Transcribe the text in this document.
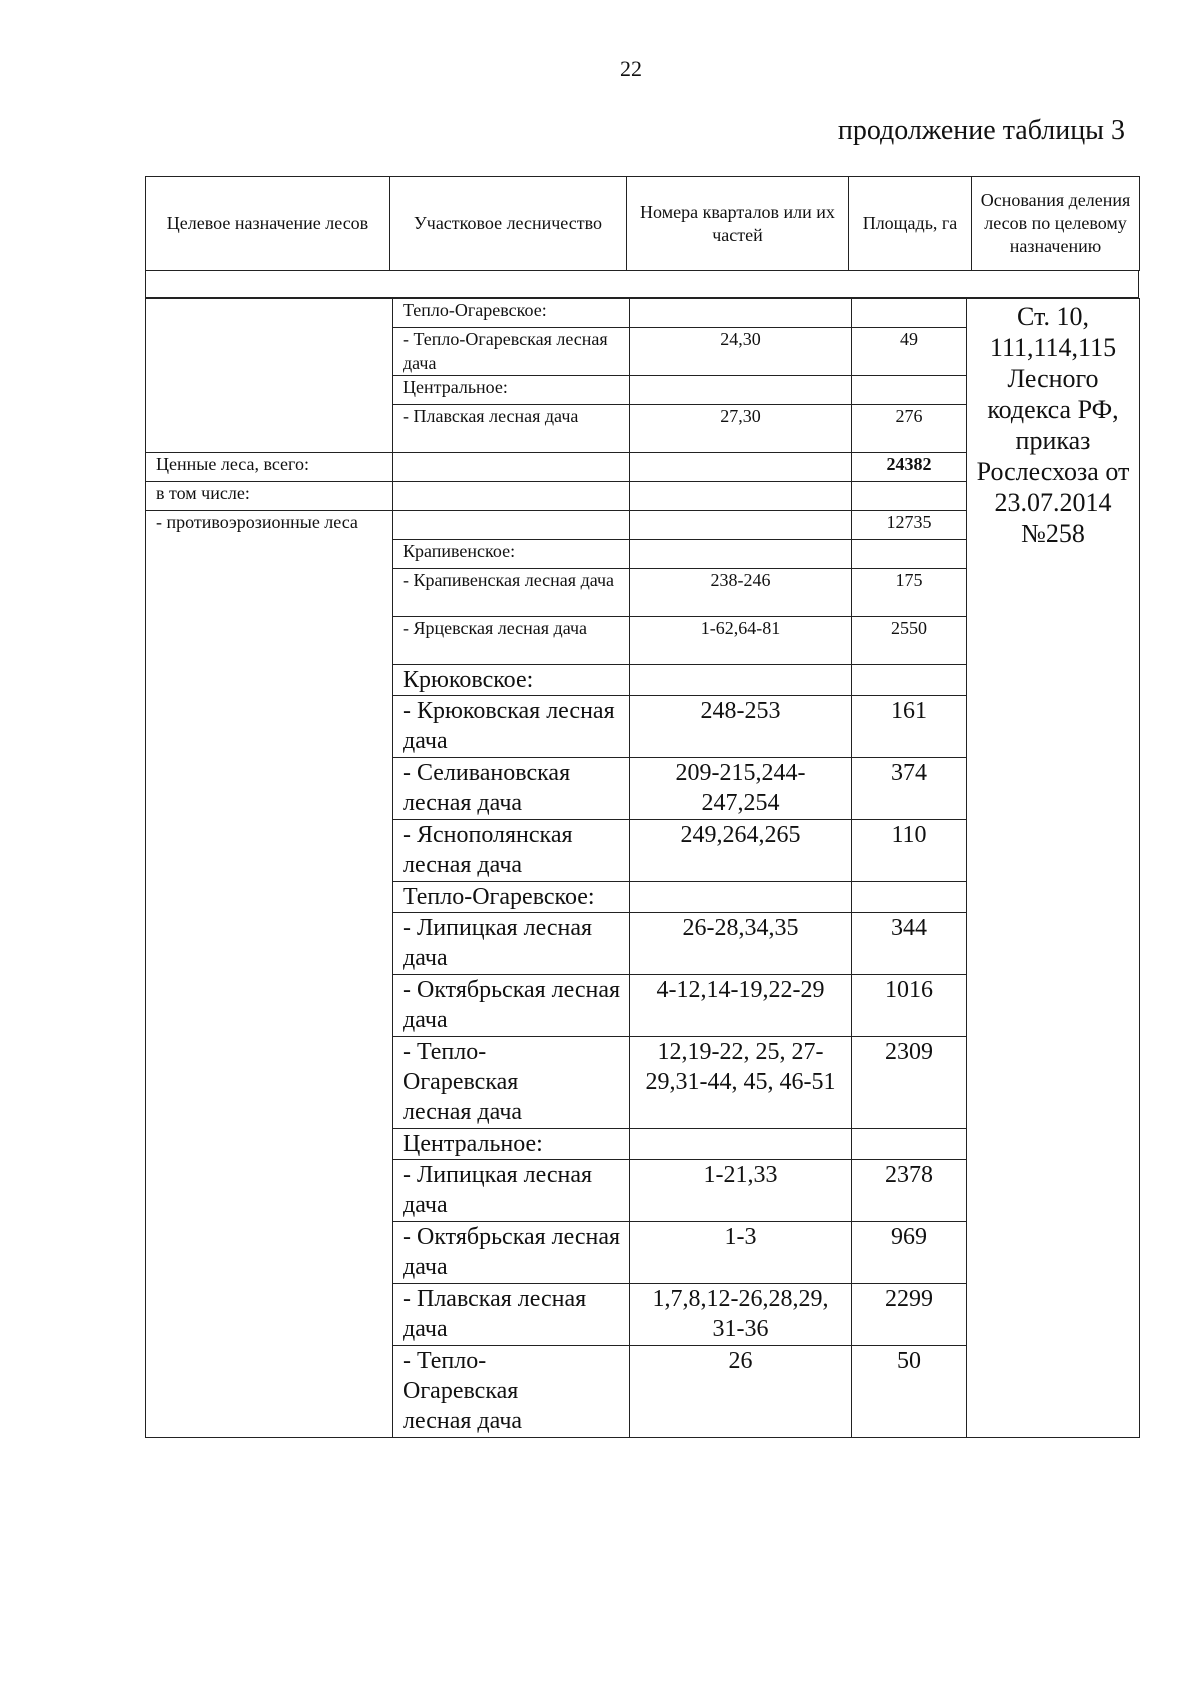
22
продолжение таблицы 3
Целевое назначение лесов	Участковое лесничество	Номера кварталов или их частей	Площадь, га	Основания деления лесов по целевому назначению
	Тепло-Огаревское:			Ст. 10, 111,114,115 Лесного кодекса РФ, приказ Рослесхоза от 23.07.2014 №258
	- Тепло-Огаревская лесная дача	24,30	49	
	Центральное:			
	- Плавская лесная дача	27,30	276	
Ценные леса, всего:			24382	
в том числе:				
- противоэрозионные леса			12735	
	Крапивенское:			
	- Крапивенская лесная дача	238-246	175	
	- Ярцевская лесная дача	1-62,64-81	2550	
	Крюковское:			
	- Крюковская лесная дача	248-253	161	
	- Селивановская лесная дача	209-215,244-247,254	374	
	- Яснополянская лесная дача	249,264,265	110	
	Тепло-Огаревское:			
	- Липицкая лесная дача	26-28,34,35	344	
	- Октябрьская лесная дача	4-12,14-19,22-29	1016	
	- Тепло-Огаревская лесная дача	12,19-22, 25, 27-29,31-44, 45, 46-51	2309	
	Центральное:			
	- Липицкая лесная дача	1-21,33	2378	
	- Октябрьская лесная дача	1-3	969	
	- Плавская лесная дача	1,7,8,12-26,28,29, 31-36	2299	
	- Тепло-Огаревская лесная дача	26	50	
